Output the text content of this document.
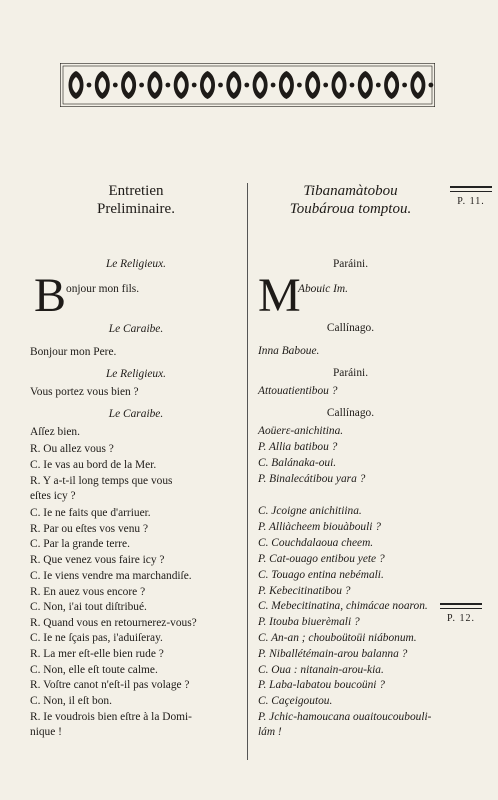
Entretien
Preliminaire.
Le Religieux.
B onjour mon fils.
Le Caraibe.
Bonjour mon Pere.
Le Religieux.
Vous portez vous bien ?
Le Caraibe.
Aſſez bien.
R. Ou allez vous ?
C. Ie vas au bord de la Mer.
R. Y a-t-il long temps que vous
eſtes icy ?
C. Ie ne faits que d'arriuer.
R. Par ou eſtes vos venu ?
C. Par la grande terre.
R. Que venez vous faire icy ?
C. Ie viens vendre ma marchandiſe.
R. En auez vous encore ?
C. Non, i'ai tout diſtribué.
R. Quand vous en retournerez-vous?
C. Ie ne ſçais pas, i'aduiſeray.
R. La mer eſt-elle bien rude ?
C. Non, elle eſt toute calme.
R. Voſtre canot n'eſt-il pas volage ?
C. Non, il eſt bon.
R. Ie voudrois bien eſtre à la Domi-
nique !
Tibanamàtobou
Toubároua tomptou.
Paráini.
M
Abouic Im.
Callínago.
Inna Baboue.
Paráini.
Attouatientibou ?
Callínago.
Aoüerε-anichitina.
P. Allia batibou ?
C. Balánaka-oui.
P. Binalecátibou yara ?
C. Jcoigne anichitiina.
P. Alliàcheem biouàbouli ?
C. Couchdalaoua cheem.
P. Cat-ouago entibou yete ?
C. Touago entina nebémali.
P. Kebecitinatibou ?
C. Mebecitinatina, chimácae noaron.
P. Itouba biuerèmali ?
C. An-an ; chouboütoüi niábonum.
P. Niballétémain-arou balanna ?
C. Oua : nitanain-arou-kia.
P. Laba-labatou boucoüni ?
C. Caçeigoutou.
P. Jchic-hamoucana ouaitoucoubouli-
lám !
P. 11.
P. 12.
